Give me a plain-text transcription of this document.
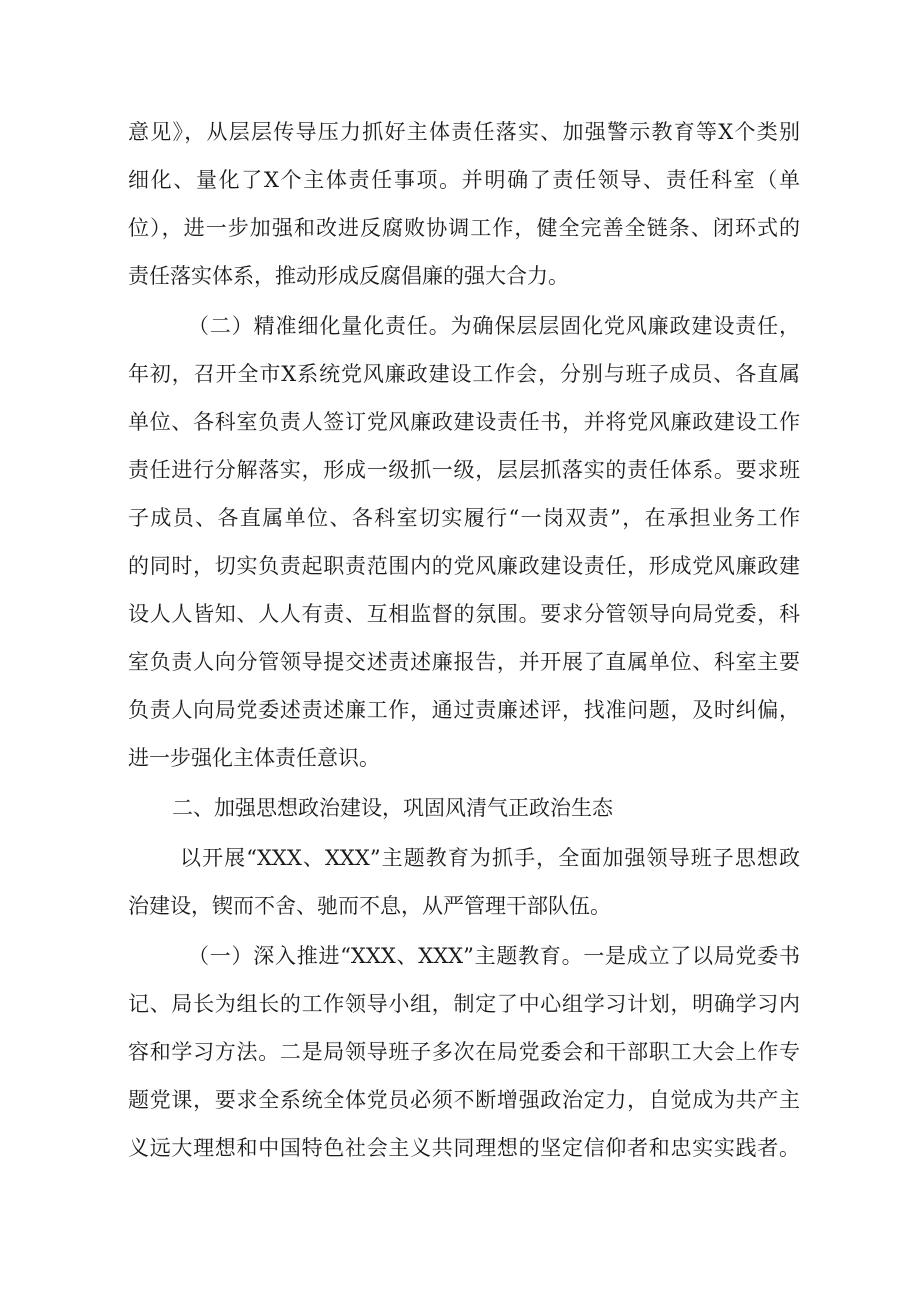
意见》，从层层传导压力抓好主体责任落实、加强警示教育等X个类别
细化、量化了X个主体责任事项。并明确了责任领导、责任科室（单
位），进一步加强和改进反腐败协调工作，健全完善全链条、闭环式的
责任落实体系，推动形成反腐倡廉的强大合力。
（二）精准细化量化责任。为确保层层固化党风廉政建设责任，
年初，召开全市X系统党风廉政建设工作会，分别与班子成员、各直属
单位、各科室负责人签订党风廉政建设责任书，并将党风廉政建设工作
责任进行分解落实，形成一级抓一级，层层抓落实的责任体系。要求班
子成员、各直属单位、各科室切实履行“一岗双责”，在承担业务工作
的同时，切实负责起职责范围内的党风廉政建设责任，形成党风廉政建
设人人皆知、人人有责、互相监督的氛围。要求分管领导向局党委，科
室负责人向分管领导提交述责述廉报告，并开展了直属单位、科室主要
负责人向局党委述责述廉工作，通过责廉述评，找准问题，及时纠偏，
进一步强化主体责任意识。
二、加强思想政治建设，巩固风清气正政治生态
以开展“XXX、XXX”主题教育为抓手，全面加强领导班子思想政
治建设，锲而不舍、驰而不息，从严管理干部队伍。
（一）深入推进“XXX、XXX”主题教育。一是成立了以局党委书
记、局长为组长的工作领导小组，制定了中心组学习计划，明确学习内
容和学习方法。二是局领导班子多次在局党委会和干部职工大会上作专
题党课，要求全系统全体党员必须不断增强政治定力，自觉成为共产主
义远大理想和中国特色社会主义共同理想的坚定信仰者和忠实实践者。
